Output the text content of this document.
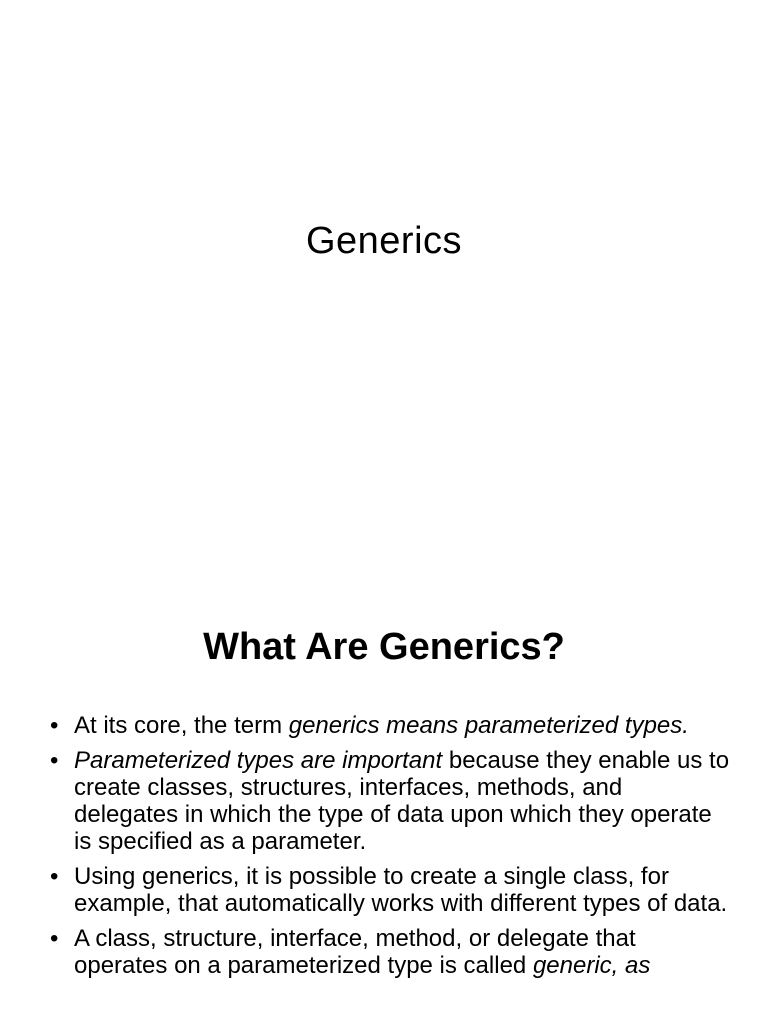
Generics
What Are Generics?
• At its core, the term generics means parameterized types.
• Parameterized types are important because they enable us to create classes, structures, interfaces, methods, and delegates in which the type of data upon which they operate is specified as a parameter.
• Using generics, it is possible to create a single class, for example, that automatically works with different types of data.
• A class, structure, interface, method, or delegate that operates on a parameterized type is called generic, as
